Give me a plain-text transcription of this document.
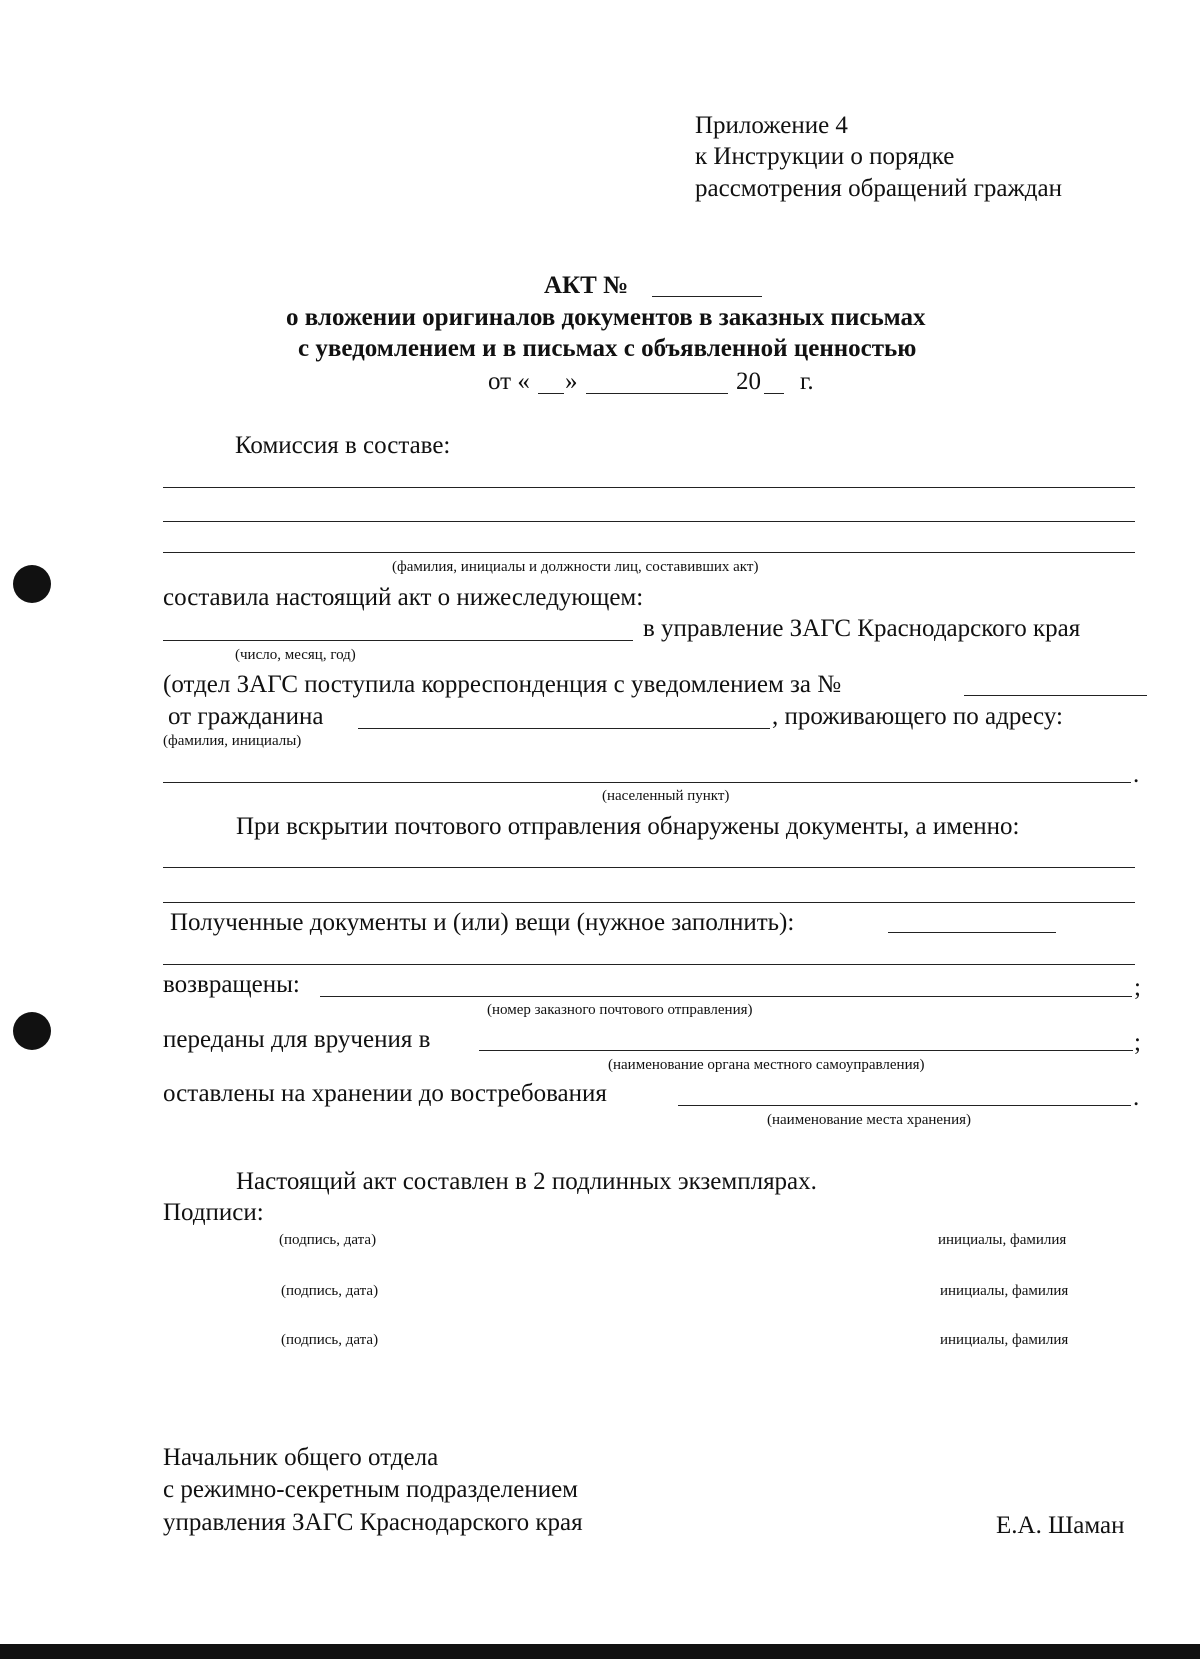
Приложение 4
к Инструкции о порядке
рассмотрения обращений граждан
АКТ №
о вложении оригиналов документов в заказных письмах
с уведомлением и в письмах с объявленной ценностью
от « »	20 г.
Комиссия в составе:
(фамилия, инициалы и должности лиц, составивших акт)
составила настоящий акт о нижеследующем:
в управление ЗАГС Краснодарского края
(число, месяц, год)
(отдел ЗАГС поступила корреспонденция с уведомлением за №
от гражданина	, проживающего по адресу:
(фамилия, инициалы)
.
(населенный пункт)
При вскрытии почтового отправления обнаружены документы, а именно:
Полученные документы и (или) вещи (нужное заполнить):
возвращены:	;
(номер заказного почтового отправления)
переданы для вручения в	;
(наименование органа местного самоуправления)
оставлены на хранении до востребования	.
(наименование места хранения)
Настоящий акт составлен в 2 подлинных экземплярах.
Подписи:
(подпись, дата)	инициалы, фамилия
(подпись, дата)	инициалы, фамилия
(подпись, дата)	инициалы, фамилия
Начальник общего отдела
с режимно-секретным подразделением
управления ЗАГС Краснодарского края	Е.А. Шаман
